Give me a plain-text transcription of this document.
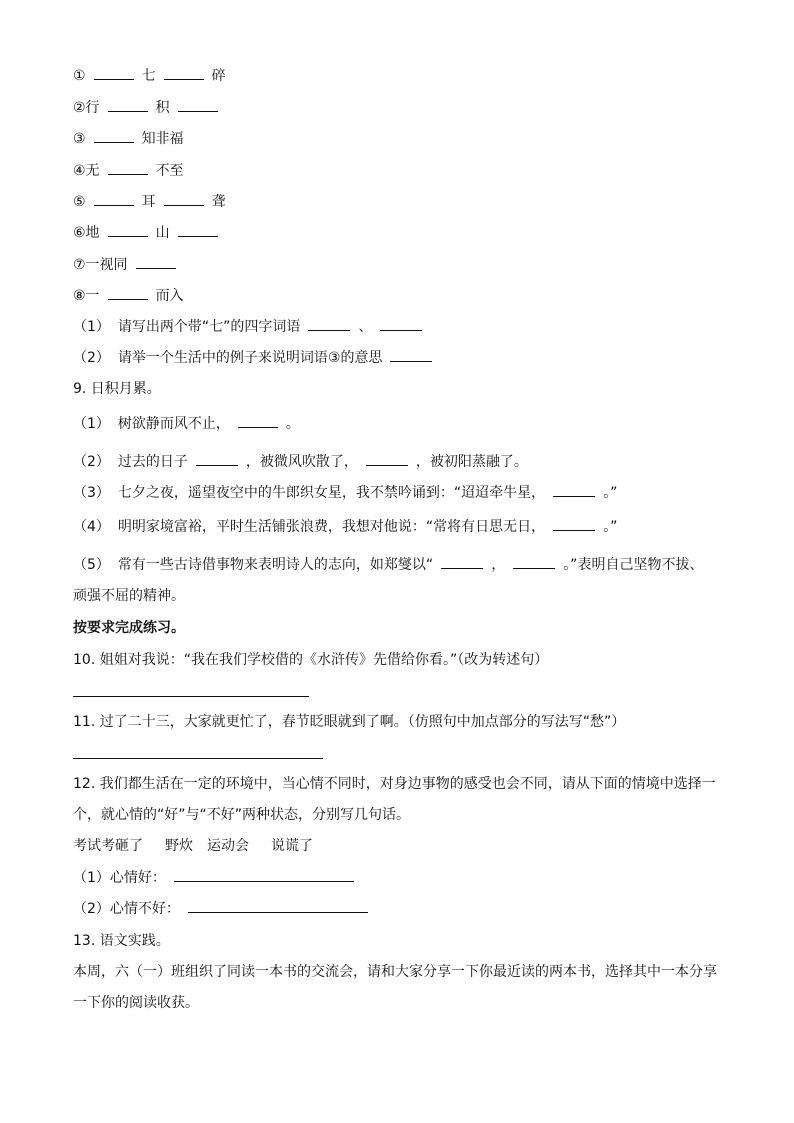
①	七	碎
②行	积
③	知非福
④无	不至
⑤	耳	聋
⑥地	山
⑦一视同
⑧一	而入
（1） 请写出两个带“七”的四字词语	、
（2） 请举一个生活中的例子来说明词语③的意思
9. 日积月累。
（1） 树欲静而风不止，	。
（2） 过去的日子	，被微风吹散了，	，被初阳蒸融了。
（3） 七夕之夜，遥望夜空中的牛郎织女星，我不禁吟诵到：“迢迢牵牛星，	。”
（4） 明明家境富裕，平时生活铺张浪费，我想对他说：“常将有日思无日，	。”
（5） 常有一些古诗借事物来表明诗人的志向，如郑燮以“	，	。”表明自己坚物不拔、
顽强不屈的精神。
按要求完成练习。
10. 姐姐对我说：“我在我们学校借的《水浒传》先借给你看。”（改为转述句）
11. 过了二十三，大家就更忙了，春节眨眼就到了啊。（仿照句中加点部分的写法写“愁”）
12. 我们都生活在一定的环境中，当心情不同时，对身边事物的感受也会不同，请从下面的情境中选择一
个，就心情的“好”与“不好”两种状态，分别写几句话。
考试考砸了 野炊 运动会 说谎了
（1）心情好：
（2）心情不好：
13. 语文实践。
本周，六（一）班组织了同读一本书的交流会，请和大家分享一下你最近读的两本书，选择其中一本分享
一下你的阅读收获。
